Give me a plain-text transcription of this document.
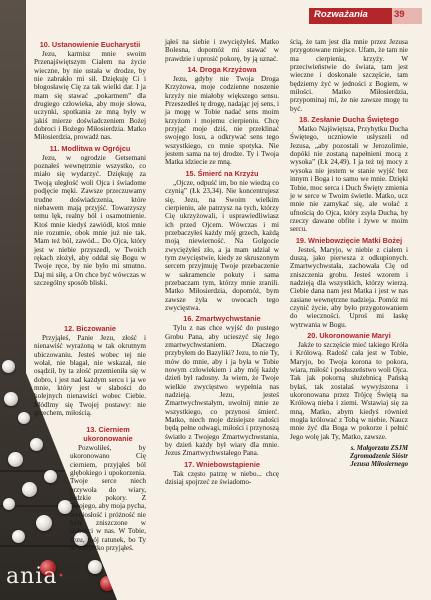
ania·
Rozważania	39
10. Ustanowienie Eucharystii

Jezu, karmisz mnie swoim Przenajświętszym Ciałem na życie wieczne, by nie ustała w drodze, by nie zabrakło mi sił. Dziękuję Ci i błogosławię Cię za tak wielki dar. I ja mam się stawać „pokarmem” dla drugiego człowieka, aby moje słowa, uczynki, spotkania ze mną były w jakiś mierze doświadczeniem Bożej dobroci i Bożego Miłosierdzia. Matko Miłosierdzia, prowadź nas.

11. Modlitwa w Ogrójcu

Jezu, w ogrodzie Getsemani poznałeś wewnętrznie wszystko, co miało się wydarzyć. Dziękuję za Twoją uległość woli Ojca i świadome podjęcie męki. Zawsze przeczuwamy trudne doświadczenia, które niebawem mają przyjść. Towarzyszy temu lęk, realny ból i osamotnienie. Ktoś mnie kiedyś zawiódł, ktoś mnie nie rozumie, obok mnie już nie tak. Mam też ból, zawód... Do Ojca, który jest w niebie przyszedł, w Twoich rękach złożył, aby oddał się Bogu w Twoje ręce, by nie było mi smutno. Daj mi siłę, a On chce być wówczas w szczególny sposób bliski.

12. Biczowanie

Przyjąłeś, Panie Jezu, złość i nienawiść wyrażoną w tak okrutnym ubiczowaniu. Jesteś wobec tej nie wołał, nie błagał, nie wskazał, nie osądził, by ta złość przemieniła się w dobro, i jest nad każdym sercu i ja we mnie, który jest w słabości do kolejnych nienawiści wobec Ciebie. Módlmy się Twojej postawy: nie grzechem, miłością.

13. Cierniem ukoronowanie

Pozwoliłeś, by ukoronowano Cię cierniem, przyjąłeś ból głębokiego i upokorzenia. Twoje serce niech przywoła do wiary, ludzkie pokory. Z Twojego, aby moja pycha, wyniosłość i próżność nie były zniszczone w słabości w nas. W Tobie, Jezu, mój ratunek, bo Ty to wszystko przyjąłeś.

jąłeś na siebie i zwyciężyłeś. Matko Bolesna, dopomóż mi stawać w prawdzie i uprosić pokorę, by ją uznać.

14. Droga Krzyżowa

Jezu, gdyby nie Twoja Droga Krzyżowa, moje codzienne noszenie krzyży nie miałoby większego sensu. Przeszedłeś tę drogę, nadając jej sens, i ja mogę w Tobie nadać sens moim krzyżom i mojemu cierpieniu. Chcę przyjąć moje dziś, nie przeklinać swojego losu, a odkrywać sens tego wszystkiego, co mnie spotyka. Nie jestem sama na tej drodze. Ty i Twoja Matka idziecie ze mną.

15. Śmierć na Krzyżu

„Ojcze, odpuść im, bo nie wiedzą co czynią” (Łk 23,34). Nie koncentrujesz się, Jezu, na Swoim wielkim cierpieniu, ale patrzysz na tych, którzy Cię ukrzyżowali, i usprawiedliwiasz ich przed Ojcem. Wówczas i mi przebaczyłeś każdy mój grzech, każdą moją niewierność. Na Golgocie zwyciężyłeś zło, a ja mam udział w tym zwycięstwie, kiedy ze skruszonym sercem przyjmuję Twoje przebaczenie w sakramencie pokuty i sama przebaczam tym, którzy mnie zranili. Matko Miłosierdzia, dopomóż, bym zawsze żyła w owocach tego zwycięstwa.

16. Zmartwychwstanie

Tylu z nas chce wyjść do pustego Grobu Pana, aby ucieszyć się Jego zmartwychwstaniem. Dlaczego przybyłem do Bazyliki? Jezu, to nie Ty, mów do mnie, aby i ja była w Tobie nowym człowiekiem i aby mój każdy dzień był radosny. Ja wiem, że Twoje wielkie zwycięstwo wypełnia nas nadzieją. Jezu, jesteś Zmartwychwstałym, uwolnij mnie ze wszystkiego, co przynosi śmierć. Matko, niech moje dzisiejsze radości będą pełne odwagi, miłości i przynoszą światło z Twojego Zmartwychwstania, by dzień każdy był wiary dla mnie. Jezus Zmartwychwstałego Pana.

17. Wniebowstąpienie

Tak często patrzę w niebo... chcę dzisiaj spojrzeć ze świadomo-

ścią, że tam jest dla mnie przez Jezusa przygotowane miejsce. Ufam, że tam nie ma cierpienia, krzyży. W przeciwieństwie do świata, tam jest wieczne i doskonałe szczęście, tam będziemy żyć w jedności z Bogiem, w miłości. Matko Miłosierdzia, przypominaj mi, że nie zawsze mogę tu być.

18. Zesłanie Ducha Świętego

Matko Najświętsza, Przybytku Ducha Świętego, uczniowie usłyszeli od Jezusa, „aby pozostali w Jerozolimie, dopóki nie zostaną napełnieni mocą z wysoka” (Łk 24,49). I ja też tej mocy z wysoka nie jestem w stanie wyjść bez innym i Boga i to samo we mnie. Dzięki Tobie, moc serca i Duch Święty zmienia je w serce w Twoim świetle. Matko, ucz mnie nie zamykać się, ale wołać z ufnością do Ojca, który zsyła Ducha, by rzeczy dawane obfite i żywe w moim sercu.

19. Wniebowzięcie Matki Bożej

Jesteś, Maryjo, w niebie z ciałem i duszą, jako pierwsza z odkupionych. Zmartwychwstała, zachowała Cię od zniszczenia grobu. Jesteś wzorem i nadzieją dla wszystkich, którzy wierzą. Ciebie dana nam jest Matka i jest w nas zasiane wewnętrzne nadzieja. Pomóż mi czynić życie, aby było przygotowaniem do wieczności. Uproś mi łaskę wytrwania w Bogu.

20. Ukoronowanie Maryi

Jakże to szczęście mieć takiego Króla i Królową. Radość cała jest w Tobie, Maryjo, bo Twoja korona to pokora, wiara, miłość i posłuszeństwo woli Ojca. Tak jak pokorną służebnicą Pańską byłaś, tak zostałaś wywyższona i ukoronowana przez Trójcę Świętą na Królową nieba i ziemi. Wstawiaj się za mną, Matko, abym kiedyś również mogła królować z Tobą w niebie. Naucz mnie żyć dla Boga w pokorze i pełnić Jego wolę jak Ty, Matko, zawsze.

s. Małgorzata ZSJM
Zgromadzenie Sióstr
Jezusa Miłosiernego
